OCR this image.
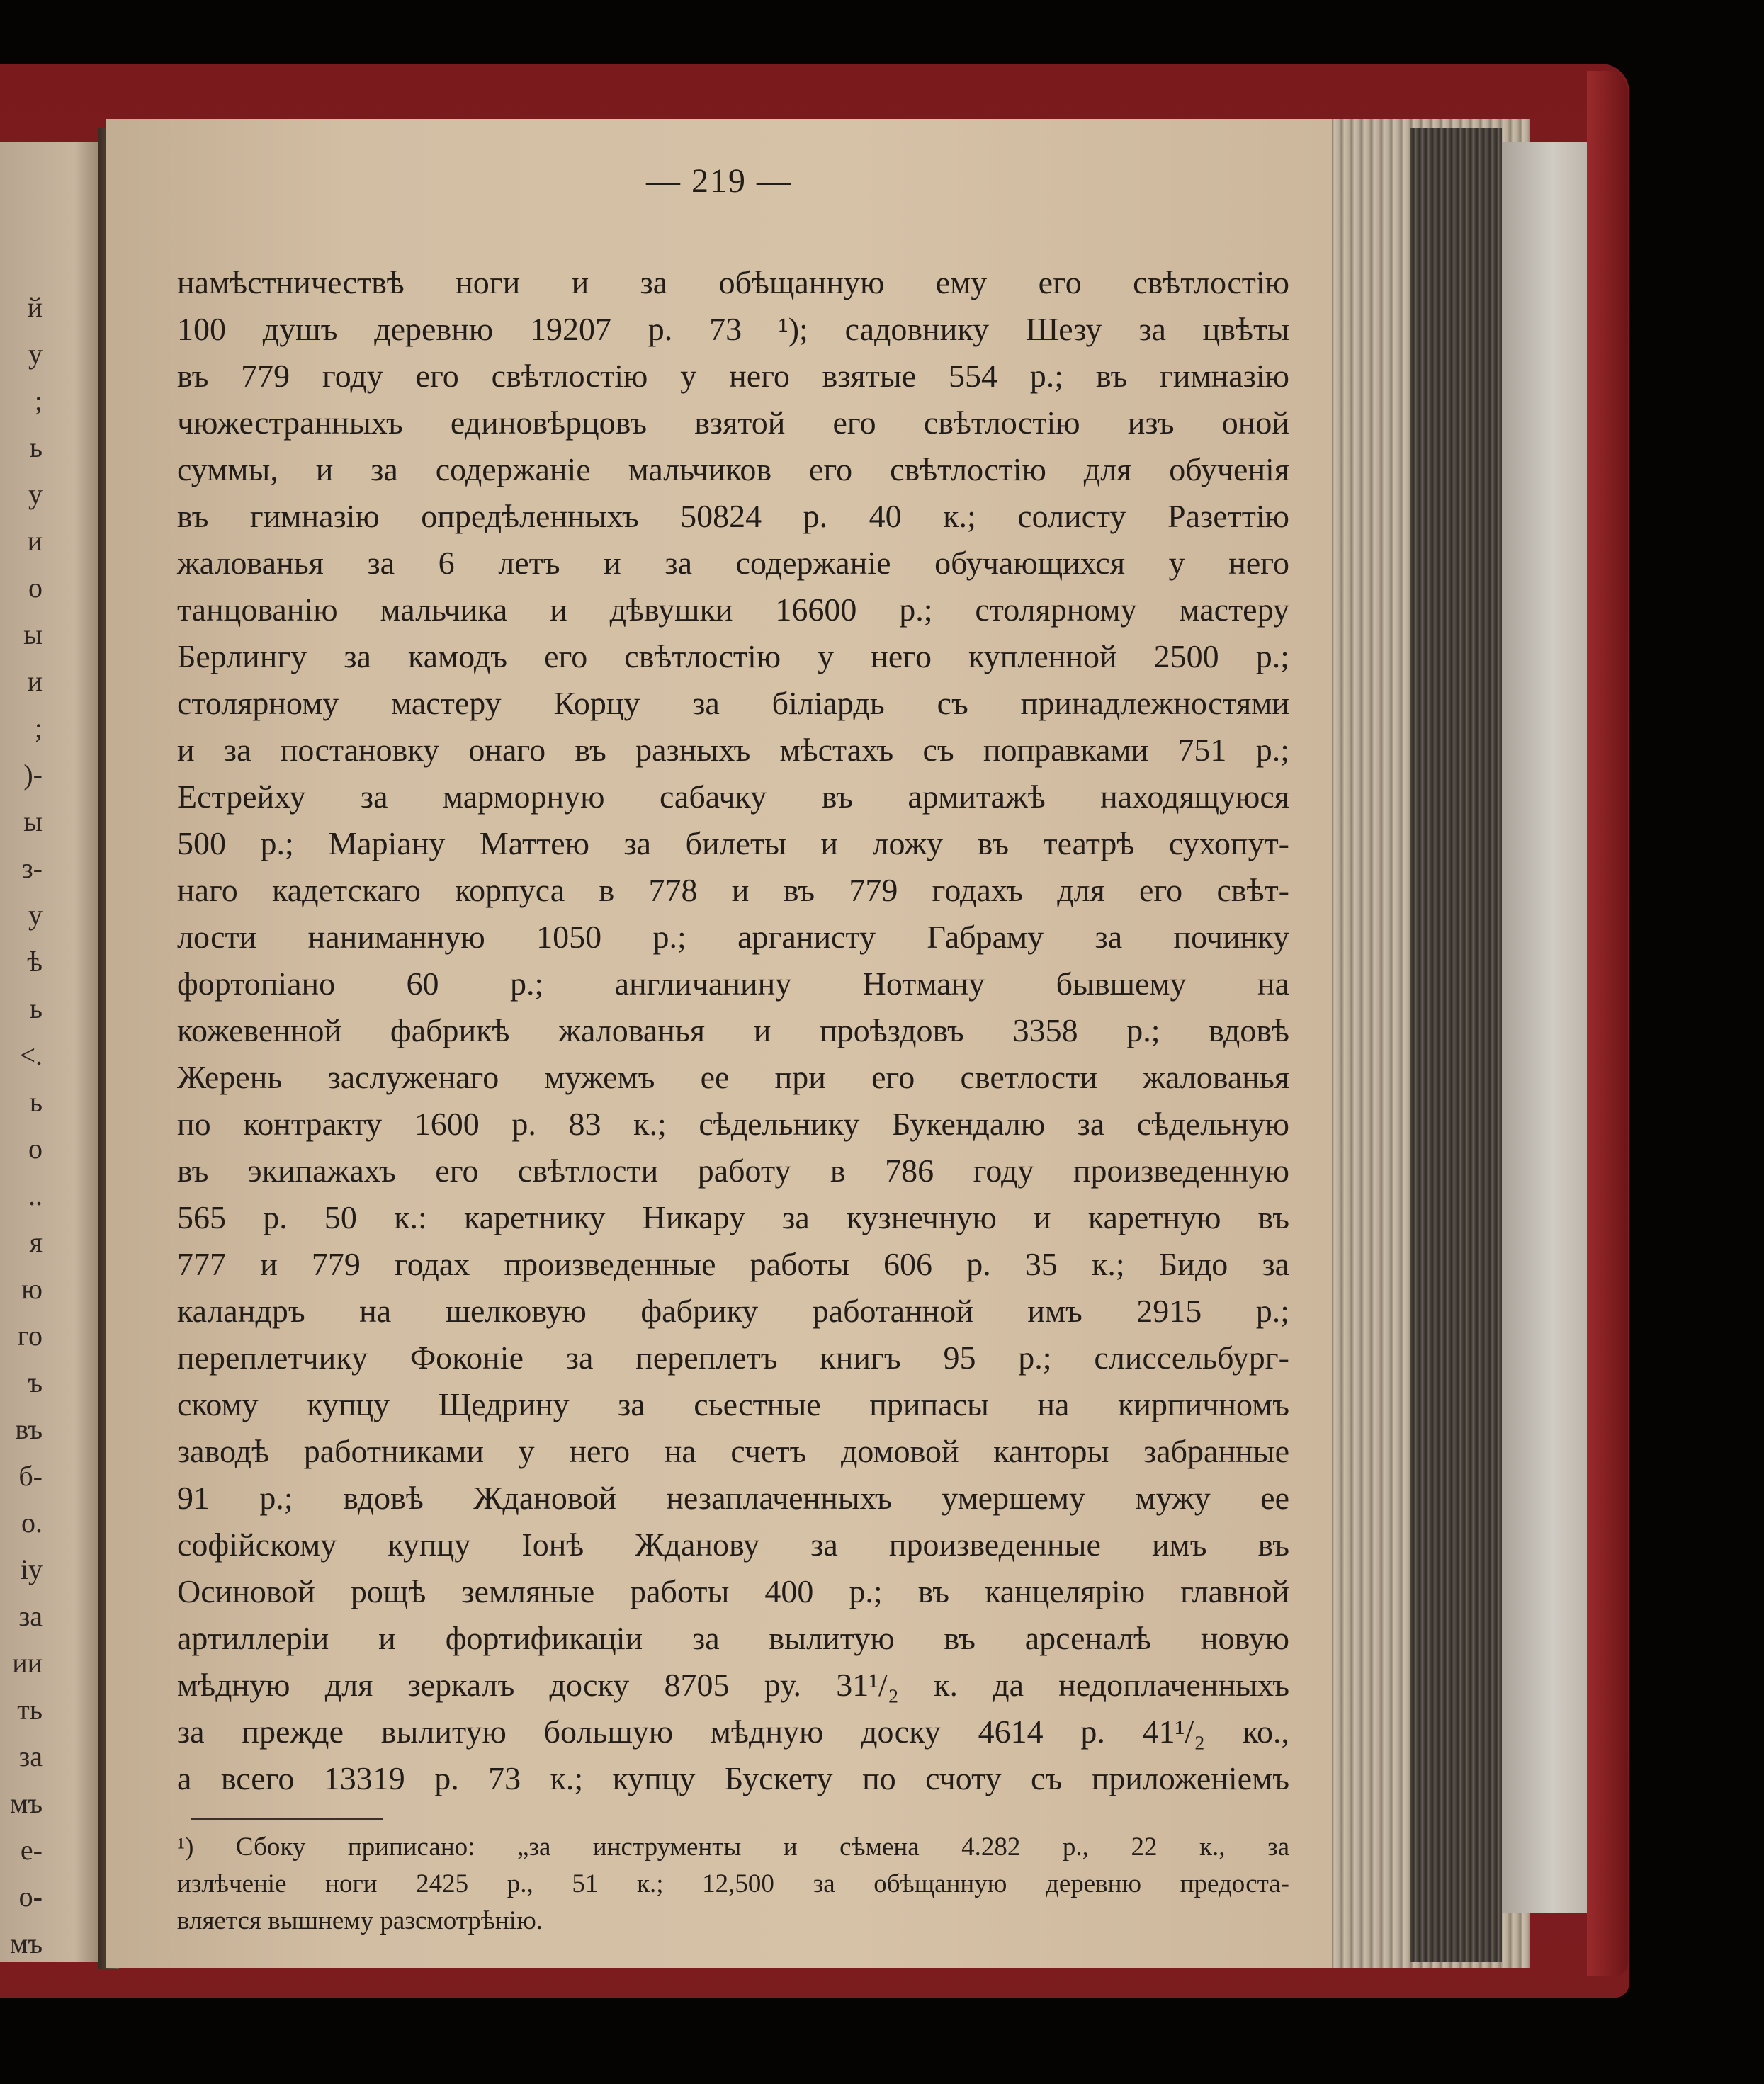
й
у
;
ь
у
и
о
ы
и
;
)-
ы
з-
у
ѣ
ь
<.
ь
о
..
я
ю
го
ъ
въ
б-
о.
іу
за
ии
ть
за
мъ
е-
о-
мъ
— 219 —
намѣстничествѣ ноги и за обѣщанную ему его свѣтлостію
100 душъ деревню 19207 р. 73 ¹); садовнику Шезу за цвѣты
въ 779 году его свѣтлостію у него взятые 554 р.; въ гимназію
чюжестранныхъ единовѣрцовъ взятой его свѣтлостію изъ оной
суммы, и за содержаніе мальчиков его свѣтлостію для обученія
въ гимназію опредѣленныхъ 50824 р. 40 к.; солисту Разеттію
жалованья за 6 летъ и за содержаніе обучающихся у него
танцованію мальчика и дѣвушки 16600 р.; столярному мастеру
Берлингу за камодъ его свѣтлостію у него купленной 2500 р.;
столярному мастеру Корцу за біліардь съ принадлежностями
и за постановку онаго въ разныхъ мѣстахъ съ поправками 751 р.;
Естрейху за марморную сабачку въ армитажѣ находящуюся
500 р.; Маріану Маттею за билеты и ложу въ театрѣ сухопут-
наго кадетскаго корпуса в 778 и въ 779 годахъ для его свѣт-
лости наниманную 1050 р.; арганисту Габраму за починку
фортопіано 60 р.; англичанину Нотману бывшему на
кожевенной фабрикѣ жалованья и проѣздовъ 3358 р.; вдовѣ
Жерень заслуженаго мужемъ ее при его светлости жалованья
по контракту 1600 р. 83 к.; сѣдельнику Букендалю за сѣдельную
въ экипажахъ его свѣтлости работу в 786 году произведенную
565 р. 50 к.: каретнику Никару за кузнечную и каретную въ
777 и 779 годах произведенные работы 606 р. 35 к.; Бидо за
каландръ на шелковую фабрику работанной имъ 2915 р.;
переплетчику Фоконіе за переплетъ книгъ 95 р.; слиссельбург-
скому купцу Щедрину за сьестные припасы на кирпичномъ
заводѣ работниками у него на счетъ домовой канторы забранные
91 р.; вдовѣ Ждановой незаплаченныхъ умершему мужу ее
софійскому купцу Іонѣ Жданову за произведенные имъ въ
Осиновой рощѣ земляные работы 400 р.; въ канцелярію главной
артиллеріи и фортификаціи за вылитую въ арсеналѣ новую
мѣдную для зеркалъ доску 8705 ру. 31¹/₂ к. да недоплаченныхъ
за прежде вылитую большую мѣдную доску 4614 р. 41¹/₂ ко.,
а всего 13319 р. 73 к.; купцу Бускету по счоту съ приложеніемъ
¹) Сбоку приписано: „за инструменты и сѣмена 4.282 р., 22 к., за
излѣченіе ноги 2425 р., 51 к.; 12,500 за обѣщанную деревню предоста-
вляется вышнему разсмотрѣнію.
